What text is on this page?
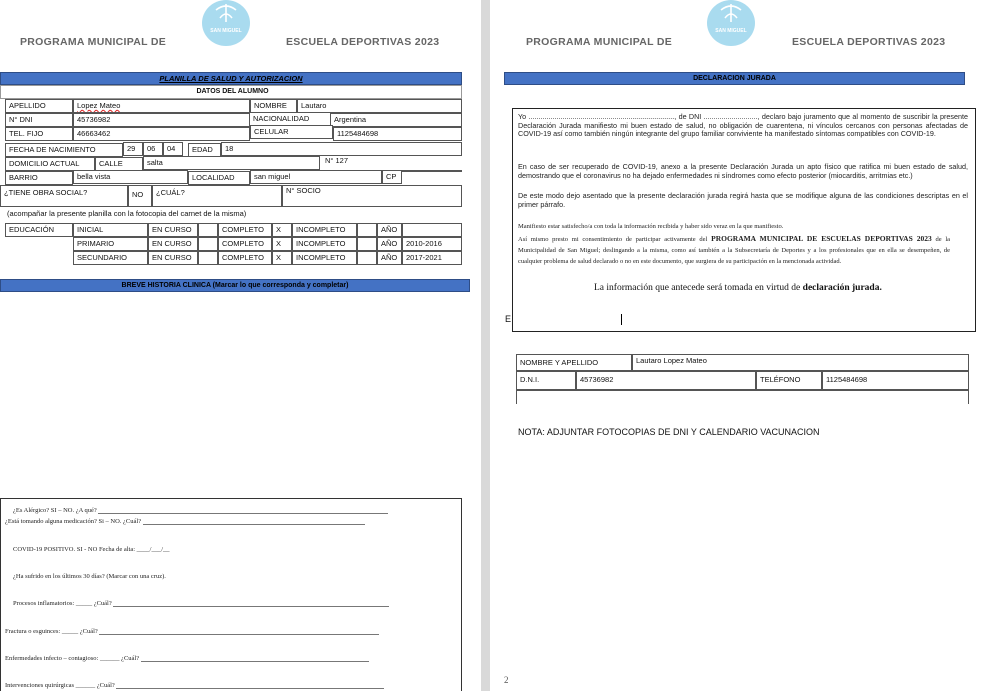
SAN MIGUEL
PROGRAMA MUNICIPAL DE	ESCUELA DEPORTIVAS 2023
PLANILLA DE SALUD Y AUTORIZACION
DATOS DEL ALUMNO
APELLIDO	Lopez Mateo	NOMBRE	Lautaro
N° DNI	45736982	NACIONALIDAD	Argentina
TEL. FIJO	46663462	CELULAR	1125484698
FECHA DE NACIMIENTO	29	06	04	EDAD	18
DOMICILIO ACTUAL	CALLE	salta	N° 127
BARRIO	bella vista	LOCALIDAD	san miguel	CP
¿TIENE OBRA SOCIAL?	NO	¿CUÁL?	N° SOCIO
(acompañar la presente planilla con la fotocopia del carnet de la misma)
EDUCACIÓN	INICIAL	EN CURSO	COMPLETO	X	INCOMPLETO	AÑO
PRIMARIO	EN CURSO	COMPLETO	X	INCOMPLETO	AÑO	2010-2016
SECUNDARIO	EN CURSO	COMPLETO	X	INCOMPLETO	AÑO	2017-2021
BREVE HISTORIA CLINICA (Marcar lo que corresponda y completar)
¿Es Alérgico? SI – NO. ¿A qué?
¿Está tomando alguna medicación? Si – NO. ¿Cuál?
COVID-19 POSITIVO. SI - NO Fecha de alta: ____/___/__
¿Ha sufrido en los últimos 30 días? (Marcar con una cruz).
Procesos inflamatorios: _____ ¿Cuál?
Fractura o esguinces: _____ ¿Cuál?
Enfermedades infecto – contagioso: ______ ¿Cuál?
Intervenciones quirúrgicas ______ ¿Cuál?
SAN MIGUEL
PROGRAMA MUNICIPAL DE	ESCUELA DEPORTIVAS 2023
DECLARACION JURADA
E
NOMBRE Y APELLIDO	Lautaro Lopez Mateo
D.N.I.	45736982	TELÉFONO	1125484698
NOTA: ADJUNTAR FOTOCOPIAS DE DNI Y CALENDARIO VACUNACION
2
Yo ........................................................................., de DNI ..........................., declaro bajo juramento que al momento de suscribir la presente Declaración Jurada manifiesto mi buen estado de salud, no obligación de cuarentena, ni vínculos cercanos con personas afectadas de COVID-19 así como también ningún integrante del grupo familiar conviviente ha manifestado síntomas compatibles con COVID-19.
En caso de ser recuperado de COVID-19, anexo a la presente Declaración Jurada un apto físico que ratifica mi buen estado de salud, demostrando que el coronavirus no ha dejado enfermedades ni síndromes como efecto posterior (miocarditis, arritmias etc.)
De este modo dejo asentado que la presente declaración jurada regirá hasta que se modifique alguna de las condiciones descriptas en el primer párrafo.
Manifiesto estar satisfecho/a con toda la información recibida y haber sido veraz en la que manifiesto.
Así mismo presto mi consentimiento de participar activamente del PROGRAMA MUNICIPAL DE ESCUELAS DEPORTIVAS 2023 de la Municipalidad de San Miguel; deslingando a la misma, como así también a la Subsecretaría de Deportes y a los profesionales que en ella se desempeñen, de cualquier problema de salud declarado o no en este documento, que surgiera de su participación en la mencionada actividad.
La información que antecede será tomada en virtud de declaración jurada.
